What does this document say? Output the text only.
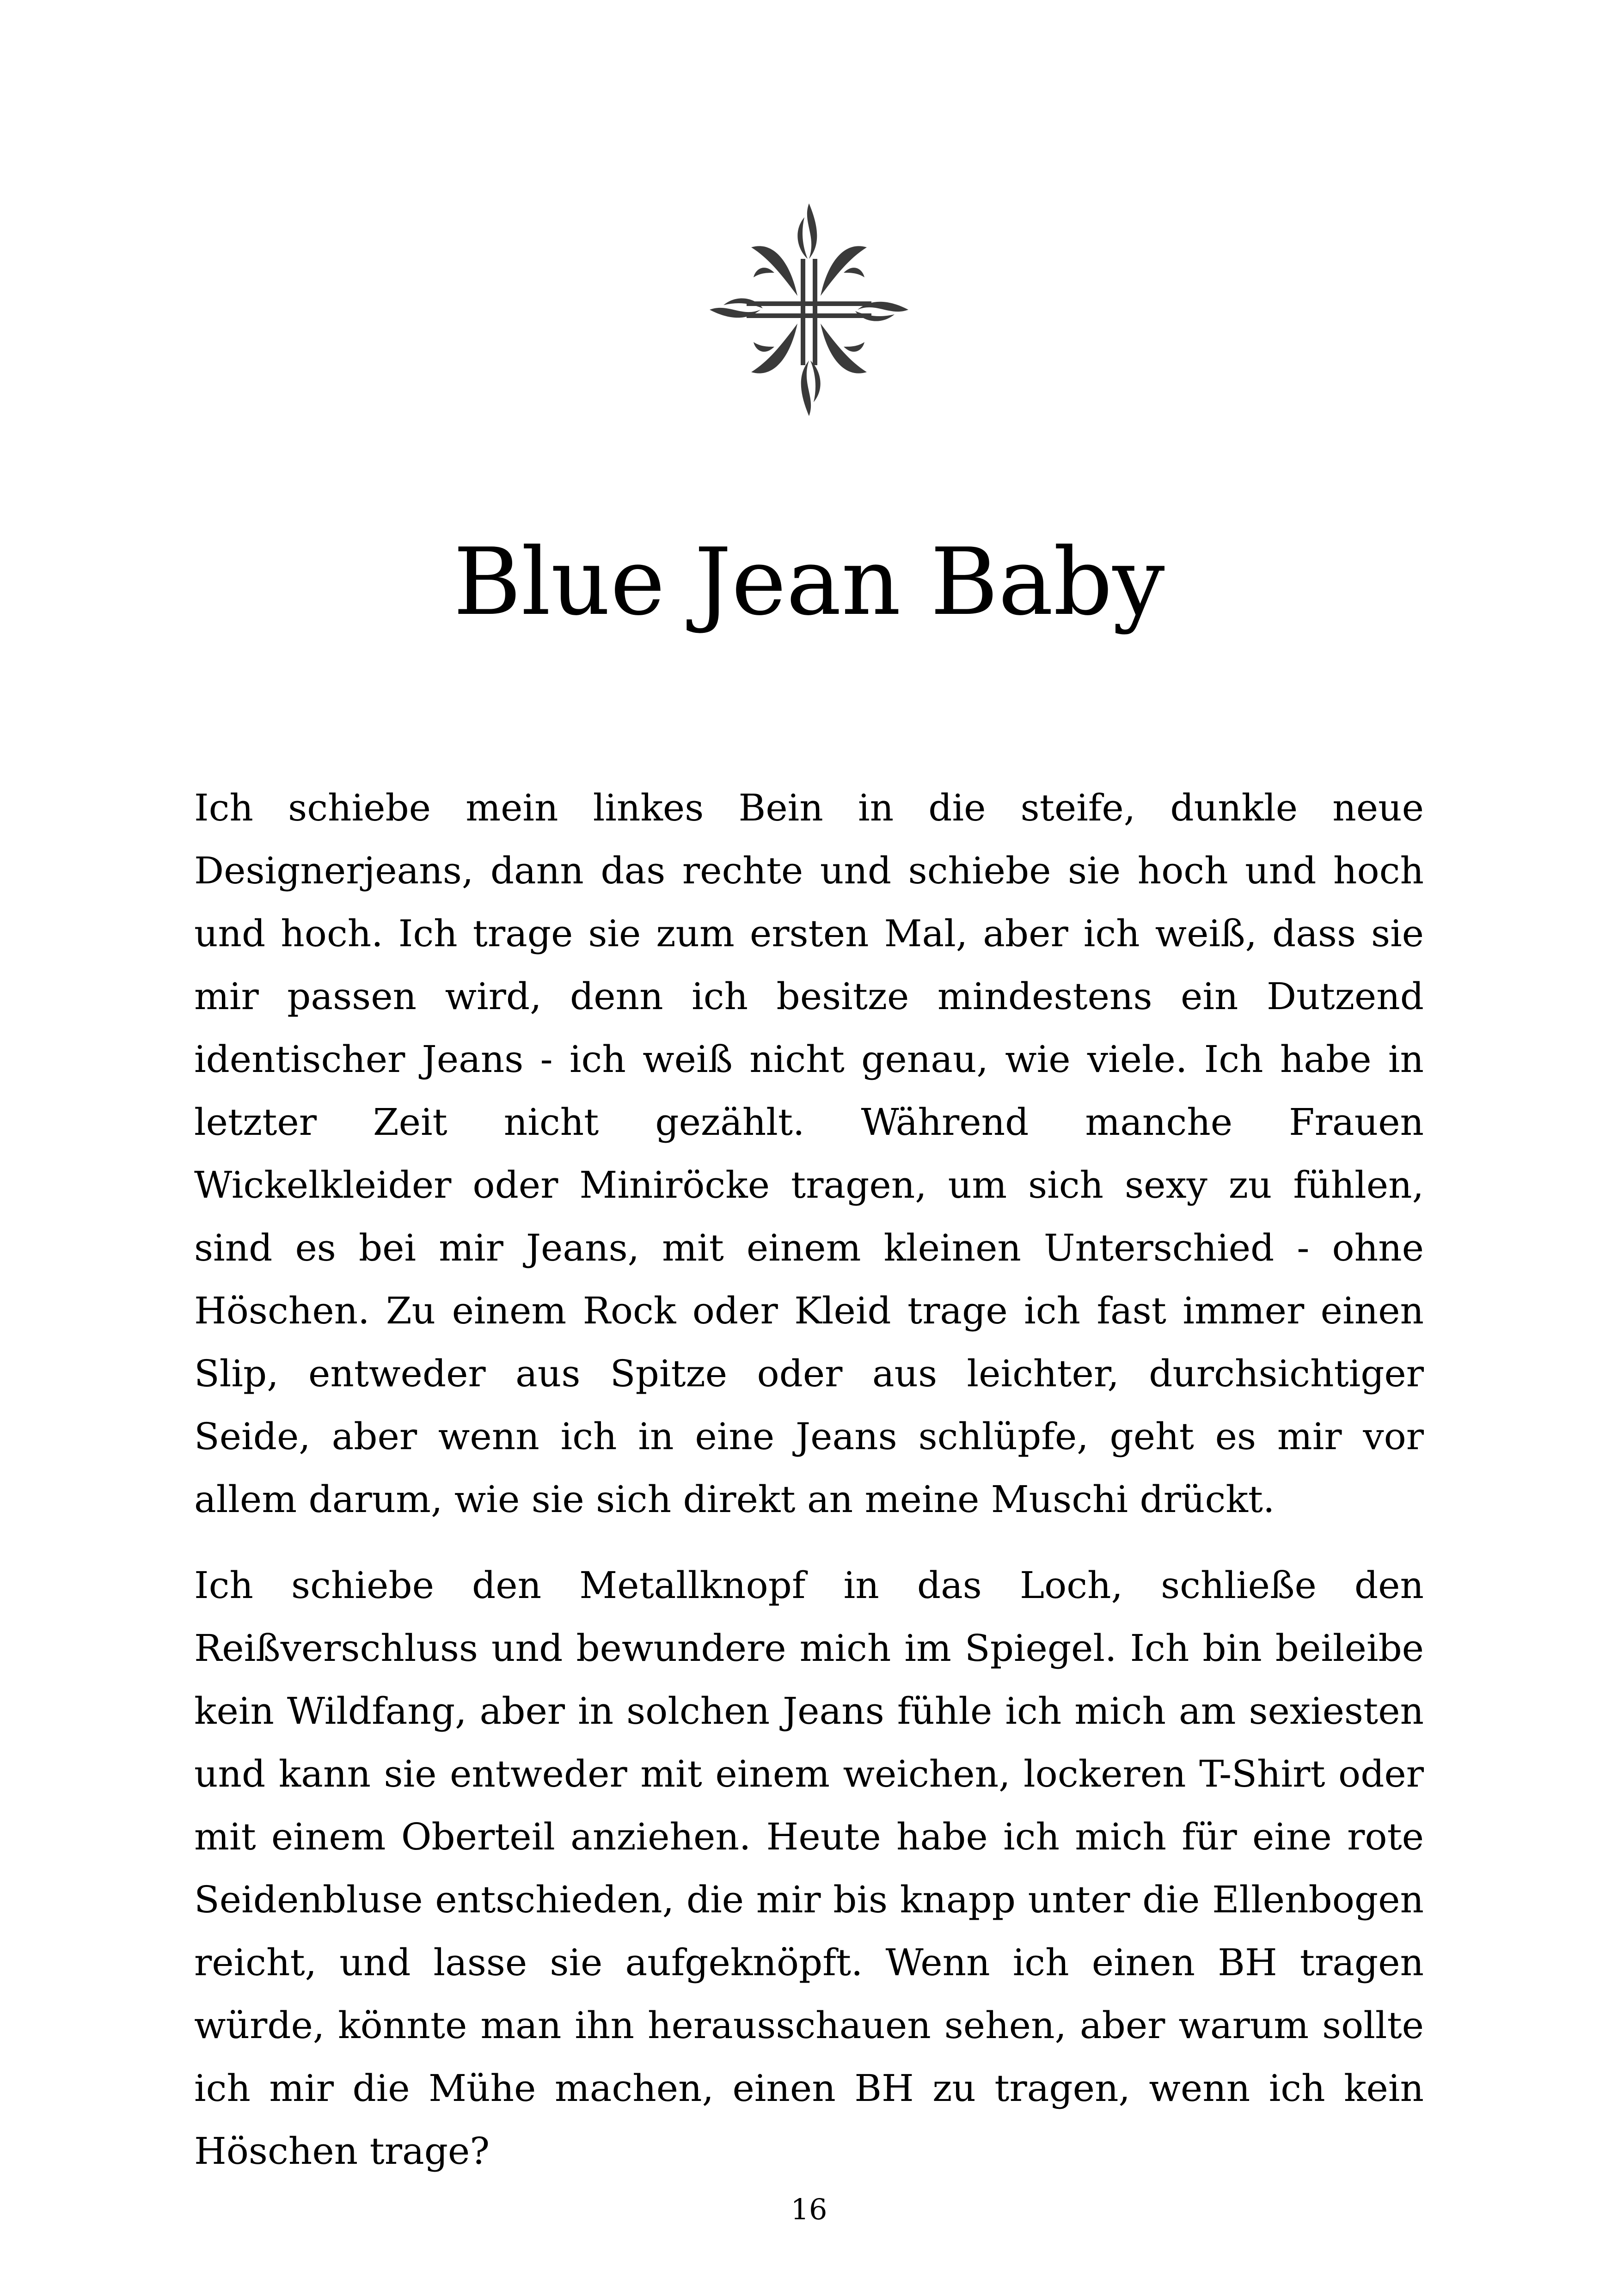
Blue Jean Baby

Ich schiebe mein linkes Bein in die steife, dunkle neue Designerjeans, dann das rechte und schiebe sie hoch und hoch und hoch. Ich trage sie zum ersten Mal, aber ich weiß, dass sie mir passen wird, denn ich besitze mindestens ein Dutzend identischer Jeans - ich weiß nicht genau, wie viele. Ich habe in letzter Zeit nicht gezählt. Während manche Frauen Wickelkleider oder Miniröcke tragen, um sich sexy zu fühlen, sind es bei mir Jeans, mit einem kleinen Unterschied - ohne Höschen. Zu einem Rock oder Kleid trage ich fast immer einen Slip, entweder aus Spitze oder aus leichter, durchsichtiger Seide, aber wenn ich in eine Jeans schlüpfe, geht es mir vor allem darum, wie sie sich direkt an meine Muschi drückt.

Ich schiebe den Metallknopf in das Loch, schließe den Reißverschluss und bewundere mich im Spiegel. Ich bin beileibe kein Wildfang, aber in solchen Jeans fühle ich mich am sexiesten und kann sie entweder mit einem weichen, lockeren T-Shirt oder mit einem Oberteil anziehen. Heute habe ich mich für eine rote Seidenbluse entschieden, die mir bis knapp unter die Ellenbogen reicht, und lasse sie aufgeknöpft. Wenn ich einen BH tragen würde, könnte man ihn herausschauen sehen, aber warum sollte ich mir die Mühe machen, einen BH zu tragen, wenn ich kein Höschen trage?

16
